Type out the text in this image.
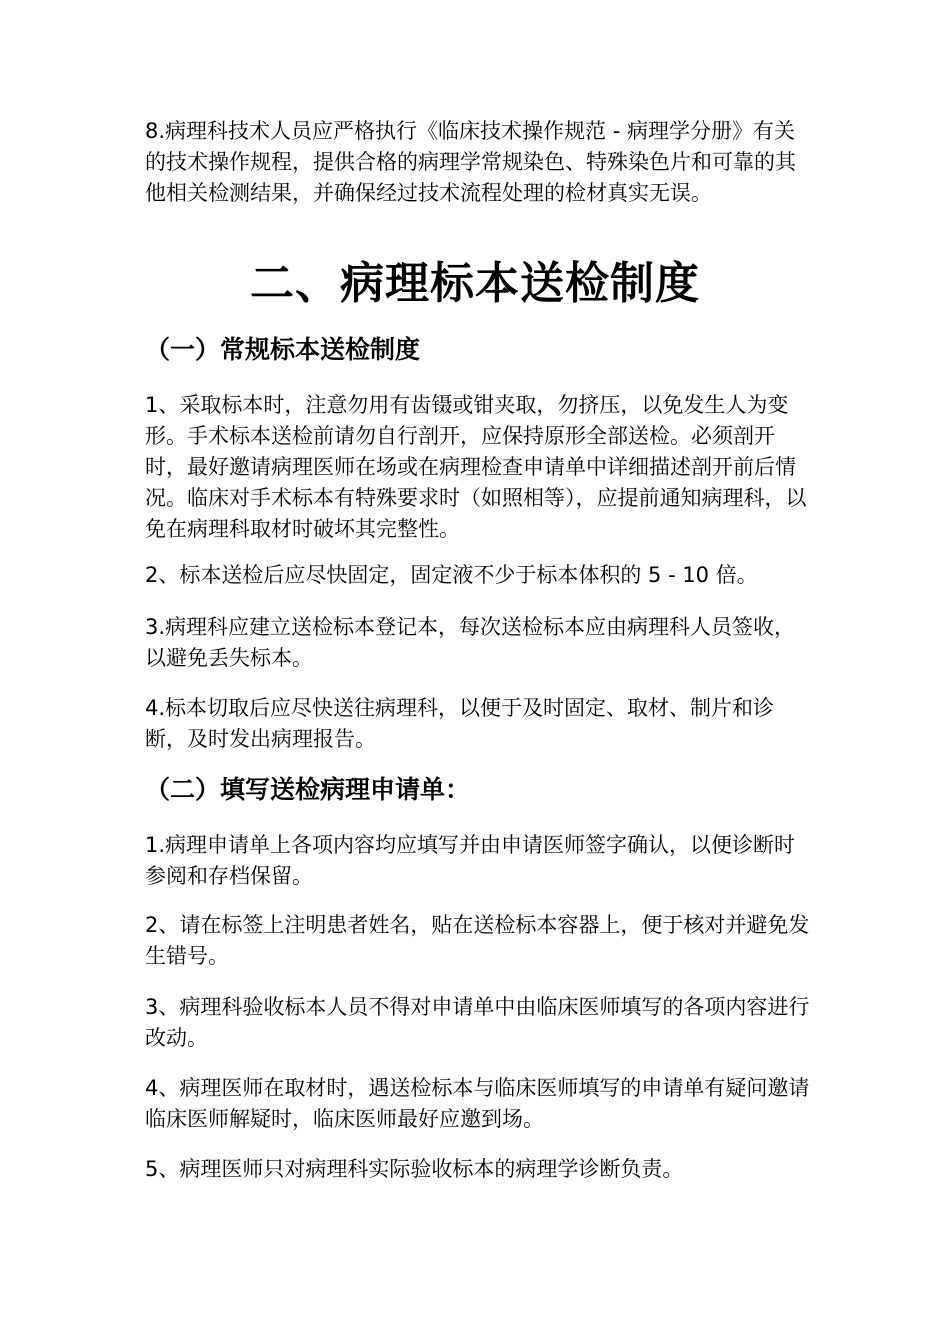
8.病理科技术人员应严格执行《临床技术操作规范 - 病理学分册》有关的技术操作规程，提供合格的病理学常规染色、特殊染色片和可靠的其他相关检测结果，并确保经过技术流程处理的检材真实无误。

二、病理标本送检制度
（一）常规标本送检制度

1、采取标本时，注意勿用有齿镊或钳夹取，勿挤压，以免发生人为变形。手术标本送检前请勿自行剖开，应保持原形全部送检。必须剖开时，最好邀请病理医师在场或在病理检查申请单中详细描述剖开前后情况。临床对手术标本有特殊要求时（如照相等），应提前通知病理科，以免在病理科取材时破坏其完整性。

2、标本送检后应尽快固定，固定液不少于标本体积的 5 - 10 倍。

3.病理科应建立送检标本登记本，每次送检标本应由病理科人员签收，以避免丢失标本。

4.标本切取后应尽快送往病理科，以便于及时固定、取材、制片和诊断，及时发出病理报告。

（二）填写送检病理申请单：

1.病理申请单上各项内容均应填写并由申请医师签字确认，以便诊断时参阅和存档保留。

2、请在标签上注明患者姓名，贴在送检标本容器上，便于核对并避免发生错号。

3、病理科验收标本人员不得对申请单中由临床医师填写的各项内容进行改动。

4、病理医师在取材时，遇送检标本与临床医师填写的申请单有疑问邀请临床医师解疑时，临床医师最好应邀到场。

5、病理医师只对病理科实际验收标本的病理学诊断负责。
